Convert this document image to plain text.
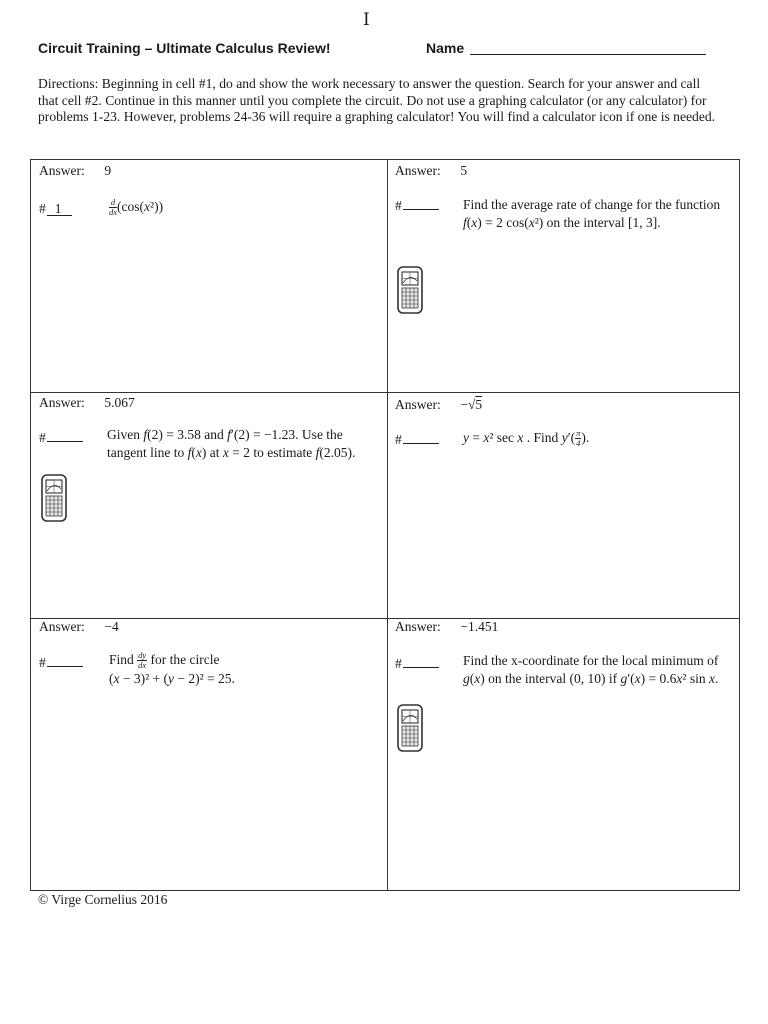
I
Circuit Training – Ultimate Calculus Review!	Name
Directions: Beginning in cell #1, do and show the work necessary to answer the question. Search for your answer and call that cell #2. Continue in this manner until you complete the circuit. Do not use a graphing calculator (or any calculator) for problems 1-23. However, problems 24-36 will require a graphing calculator! You will find a calculator icon if one is needed.
Answer: 9
# 1	$\frac{d}{dx} (\cos(x^2))$
Answer: 5
#	Find the average rate of change for the function f(x) = 2 cos(x²) on the interval [1, 3].
Answer: 5.067
#	Given f(2) = 3.58 and f′(2) = −1.23. Use the tangent line to f(x) at x = 2 to estimate f(2.05).
Answer: −√5
#	y = x² sec x . Find $y'( \frac{\pi}{4}$ ).
Answer: −4
#	Find $\frac{dy}{dx}$ for the circle
(x − 3)² + (y − 2)² = 25.
Answer: −1.451
#	Find the x-coordinate for the local minimum of g(x) on the interval (0, 10) if g′(x) = 0.6x² sin x.
© Virge Cornelius 2016
